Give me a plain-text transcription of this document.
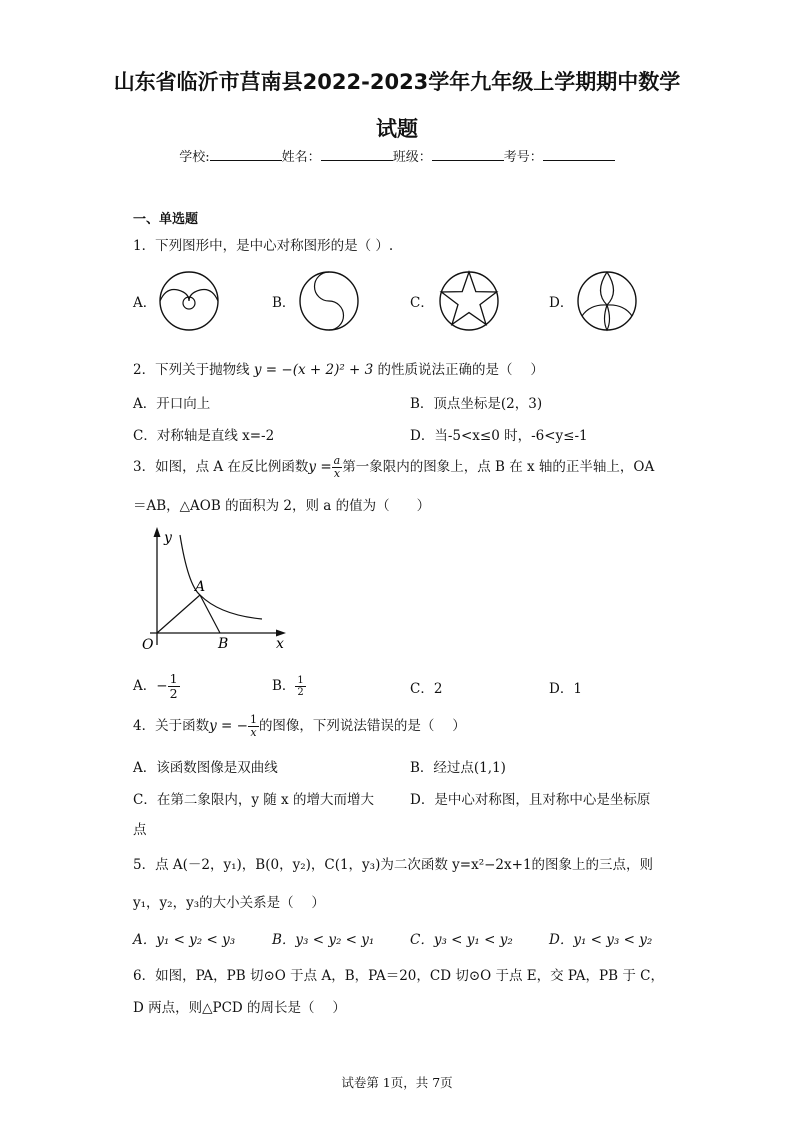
山东省临沂市莒南县2022-2023学年九年级上学期期中数学
试题
学校:	姓名：	班级：	考号：
一、单选题
1．下列图形中，是中心对称图形的是（ ）.
A．	B．	C．	D．
2．下列关于抛物线 y = −(x + 2)² + 3 的性质说法正确的是（　 ）
A．开口向上	B．顶点坐标是(2，3)
C．对称轴是直线 x=-2	D．当-5<x≤0 时，-6<y≤-1
3．如图，点 A 在反比例函数$y = \frac{a}{x}$ 第一象限内的图象上，点 B 在 x 轴的正半轴上，OA
＝AB，△AOB 的面积为 2，则 a 的值为（　　）
y
x
O
A
B
A．− $\frac{1}{2}$	B． $\frac{1}{2}$	C．2	D．1
4．关于函数y = − $\frac{1}{x}$ 的图像，下列说法错误的是（　 ）
A．该函数图像是双曲线	B．经过点(1,1)
C．在第二象限内，y 随 x 的增大而增大	D．是中心对称图，且对称中心是坐标原
点
5．点 A(－2，y₁)，B(0，y₂)，C(1，y₃)为二次函数 y=x²−2x+1的图象上的三点，则
y₁，y₂，y₃的大小关系是（　 ）
A．y₁ < y₂ < y₃	B．y₃ < y₂ < y₁	C．y₃ < y₁ < y₂	D．y₁ < y₃ < y₂
6．如图，PA，PB 切⊙O 于点 A，B，PA＝20，CD 切⊙O 于点 E，交 PA，PB 于 C，
D 两点，则△PCD 的周长是（　 ）
试卷第 1页，共 7页
